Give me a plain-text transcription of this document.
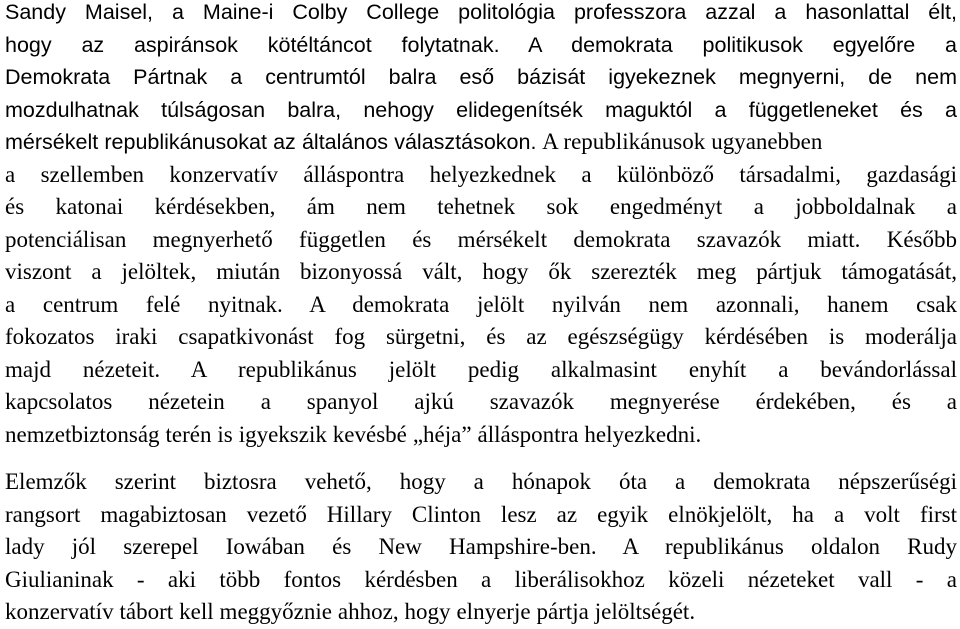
Sandy Maisel, a Maine-i Colby College politológia professzora azzal a hasonlattal élt,
hogy az aspiránsok kötéltáncot folytatnak. A demokrata politikusok egyelőre a
Demokrata Pártnak a centrumtól balra eső bázisát igyekeznek megnyerni, de nem
mozdulhatnak túlságosan balra, nehogy elidegenítsék maguktól a függetleneket és a
mérsékelt republikánusokat az általános választásokon. A republikánusok ugyanebben
a szellemben konzervatív álláspontra helyezkednek a különböző társadalmi, gazdasági
és katonai kérdésekben, ám nem tehetnek sok engedményt a jobboldalnak a
potenciálisan megnyerhető független és mérsékelt demokrata szavazók miatt. Később
viszont a jelöltek, miután bizonyossá vált, hogy ők szerezték meg pártjuk támogatását,
a centrum felé nyitnak. A demokrata jelölt nyilván nem azonnali, hanem csak
fokozatos iraki csapatkivonást fog sürgetni, és az egészségügy kérdésében is moderálja
majd nézeteit. A republikánus jelölt pedig alkalmasint enyhít a bevándorlással
kapcsolatos nézetein a spanyol ajkú szavazók megnyerése érdekében, és a
nemzetbiztonság terén is igyekszik kevésbé „héja” álláspontra helyezkedni.
Elemzők szerint biztosra vehető, hogy a hónapok óta a demokrata népszerűségi
rangsort magabiztosan vezető Hillary Clinton lesz az egyik elnökjelölt, ha a volt first
lady jól szerepel Iowában és New Hampshire-ben. A republikánus oldalon Rudy
Giulianinak - aki több fontos kérdésben a liberálisokhoz közeli nézeteket vall - a
konzervatív tábort kell meggyőznie ahhoz, hogy elnyerje pártja jelöltségét.
